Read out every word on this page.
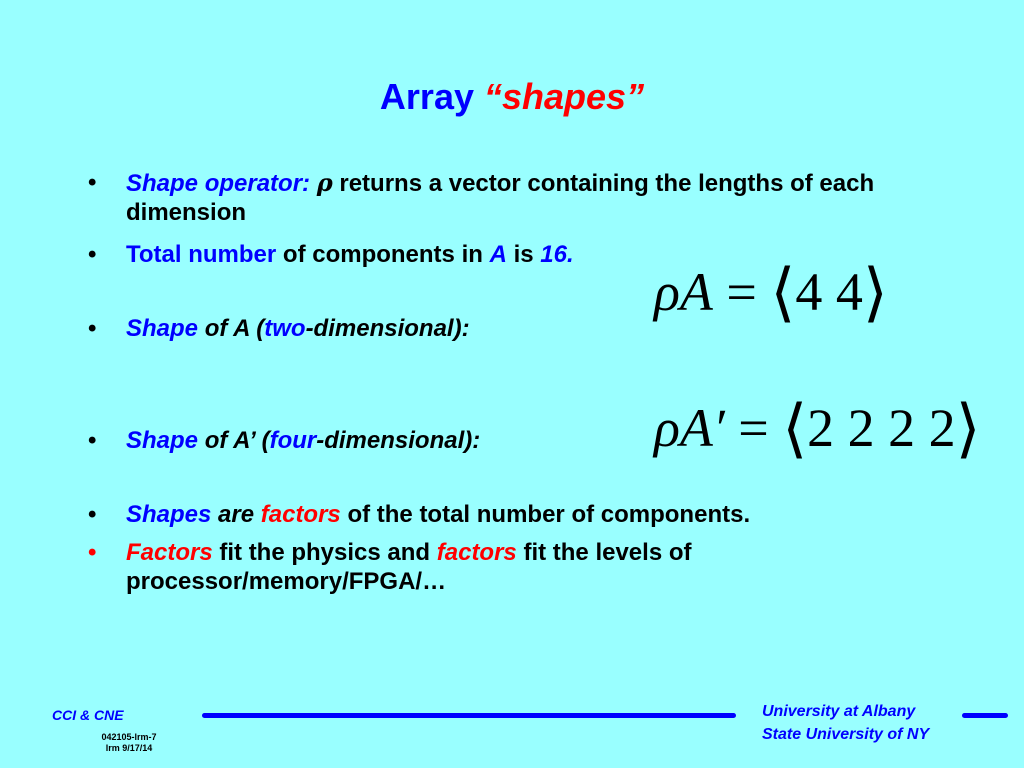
Array “shapes”
• Shape operator: ρ returns a vector containing the lengths of each dimension
• Total number of components in A is 16.
• Shape of A (two-dimensional):
• Shape of A’ (four-dimensional):
• Shapes are factors of the total number of components.
• Factors fit the physics and factors fit the levels of processor/memory/FPGA/…
ρA = ⟨4 4⟩
ρA′ = ⟨2 2 2 2⟩
CCI & CNE
042105-lrm-7
lrm 9/17/14
University at Albany
State University of NY
